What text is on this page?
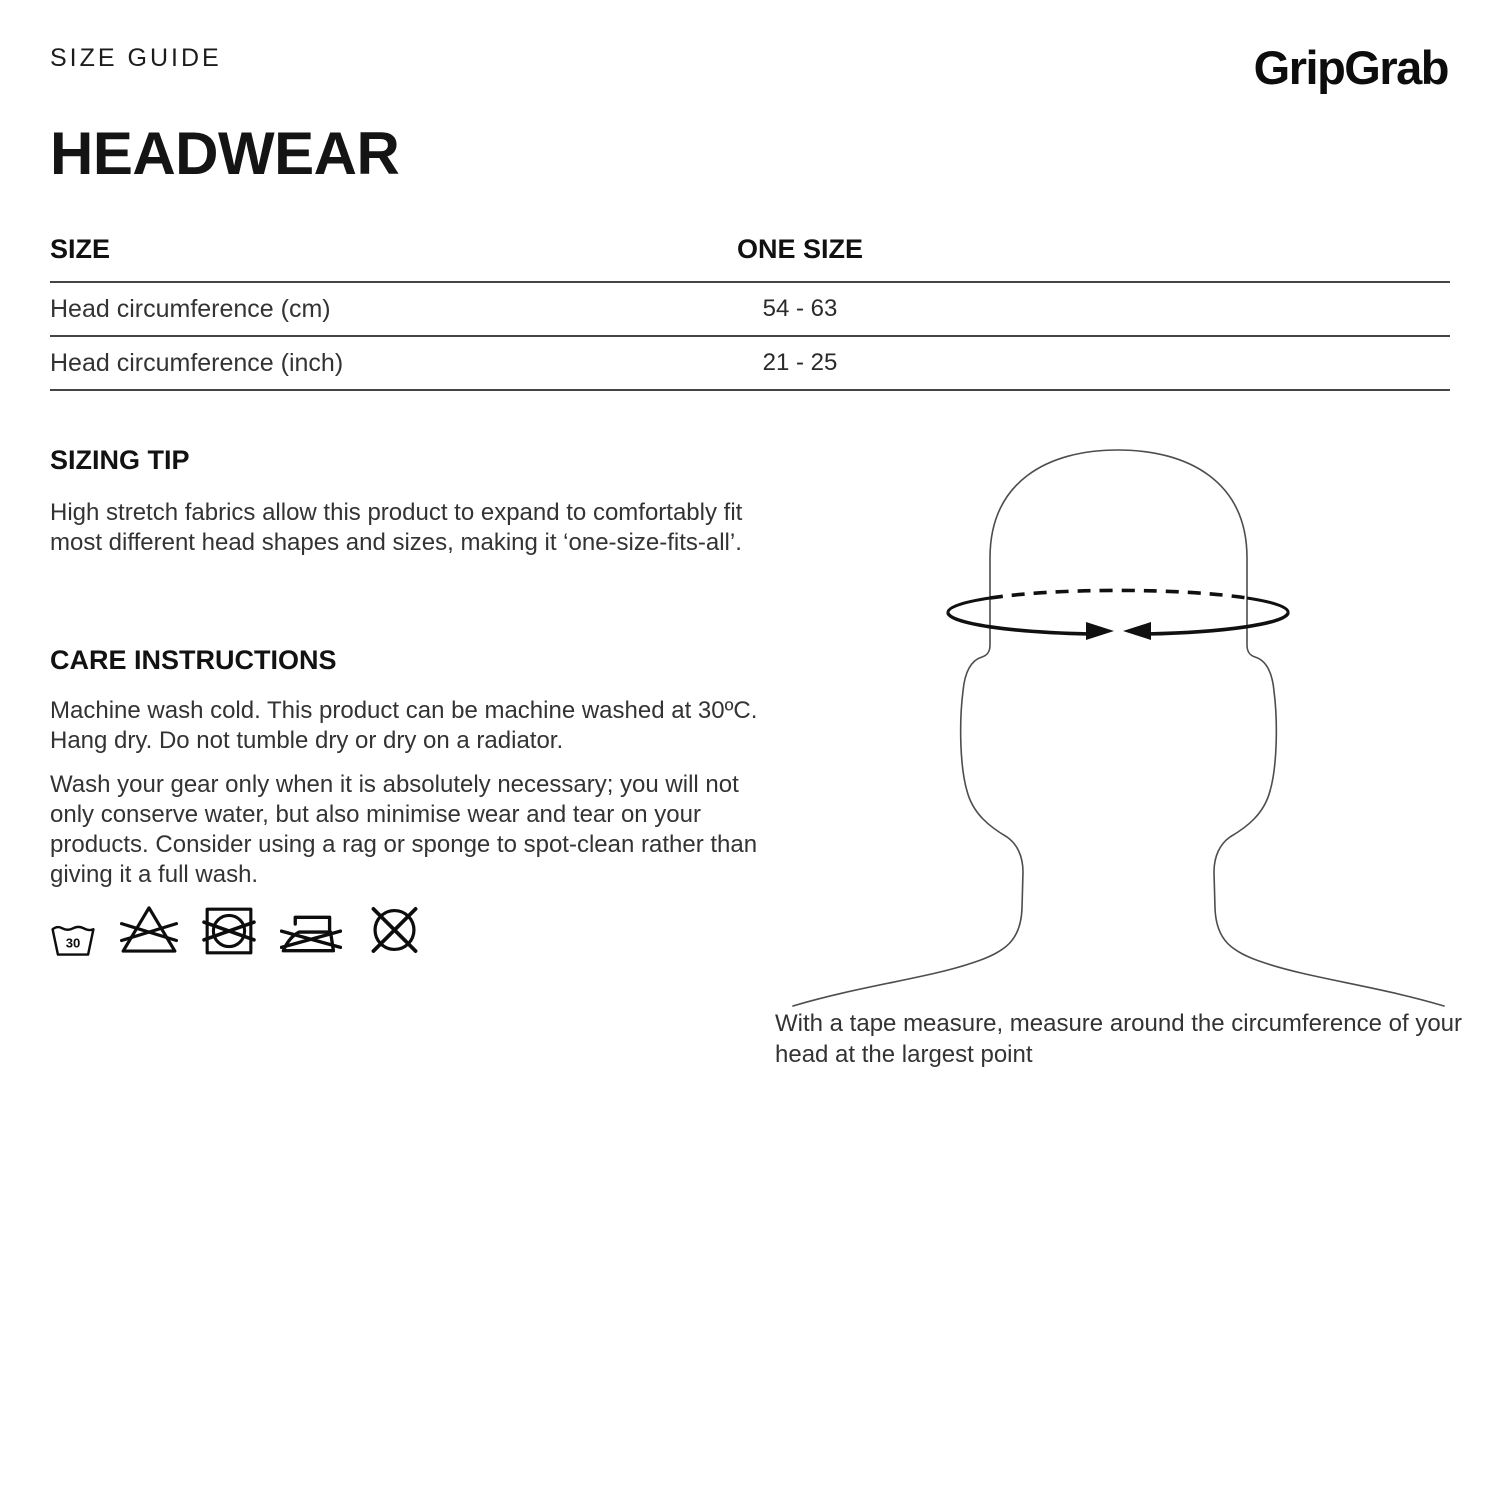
SIZE GUIDE	GripGrab
HEADWEAR
SIZE	ONE SIZE
Head circumference (cm)	54 - 63
Head circumference (inch)	21 - 25
SIZING TIP

High stretch fabrics allow this product to expand to comfortably fit most different head shapes and sizes, making it ‘one-size-fits-all’.

CARE INSTRUCTIONS

Machine wash cold. This product can be machine washed at 30ºC. Hang dry. Do not tumble dry or dry on a radiator.

Wash your gear only when it is absolutely necessary; you will not only conserve water, but also minimise wear and tear on your products. Consider using a rag or sponge to spot-clean rather than giving it a full wash.

30
With a tape measure, measure around the circumference of your head at the largest point
